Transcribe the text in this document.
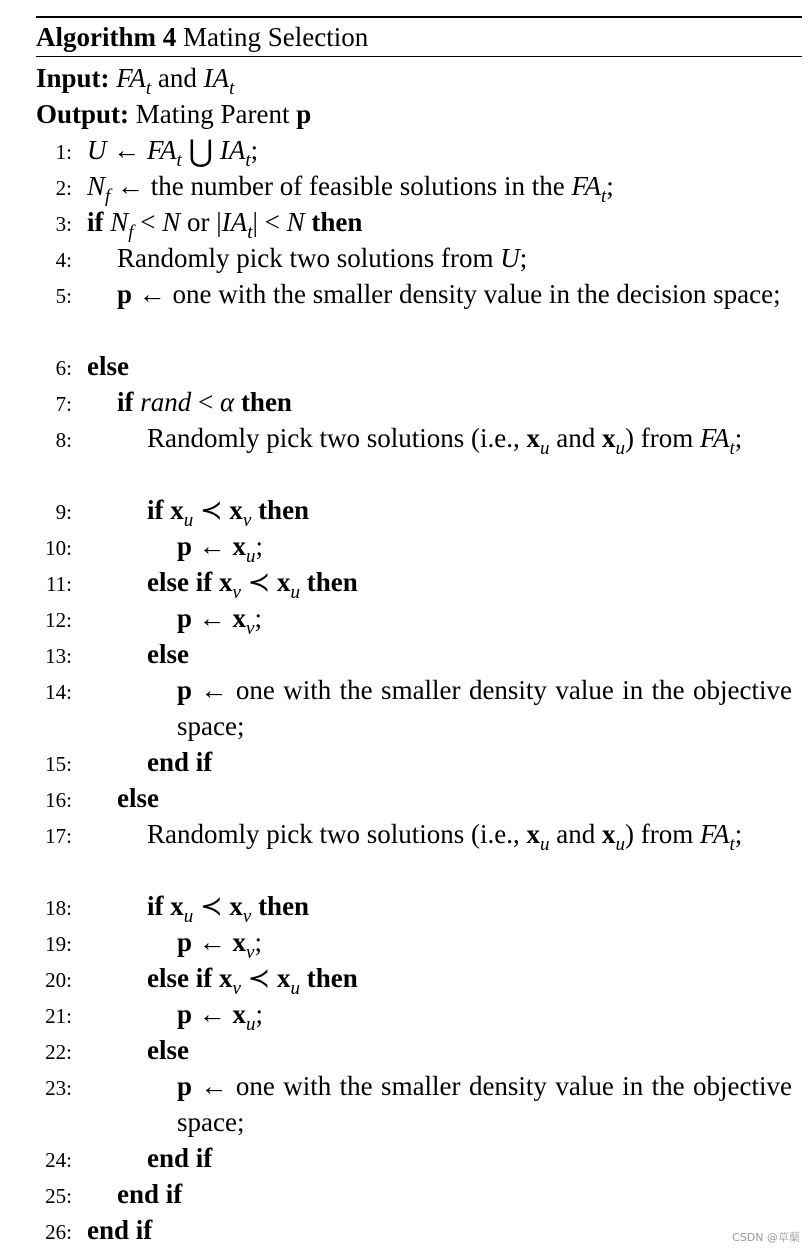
Algorithm 4 Mating Selection
Input: $FA_t$ and $IA_t$
Output: Mating Parent p
1: U ← $FA_t$ ⋃ $IA_t$;
2: $N_f$ ← the number of feasible solutions in the $FA_t$;
3: if $N_f < N$ or $|IA_t| < N$ then
4: Randomly pick two solutions from U;
5: p ← one with the smaller density value in the decision space;
6: else
7: if rand < α then
8:	Randomly pick two solutions (i.e., $x_u$ and $x_u$) from $FA_t$;
9:	if $x_u$ ≺ $x_v$ then
10:	p ← $x_u$;
11:	else if $x_v$ ≺ $x_u$ then
12:	p ← $x_v$;
13:	else
14:	p ← one with the smaller density value in the objective space;
15:	end if
16: else
17:	Randomly pick two solutions (i.e., $x_u$ and $x_u$) from $FA_t$;
18:	if $x_u$ ≺ $x_v$ then
19:	p ← $x_v$;
20:	else if $x_v$ ≺ $x_u$ then
21:	p ← $x_u$;
22:	else
23:	p ← one with the smaller density value in the objective space;
24:	end if
25: end if
26: end if	CSDN @草蘖
